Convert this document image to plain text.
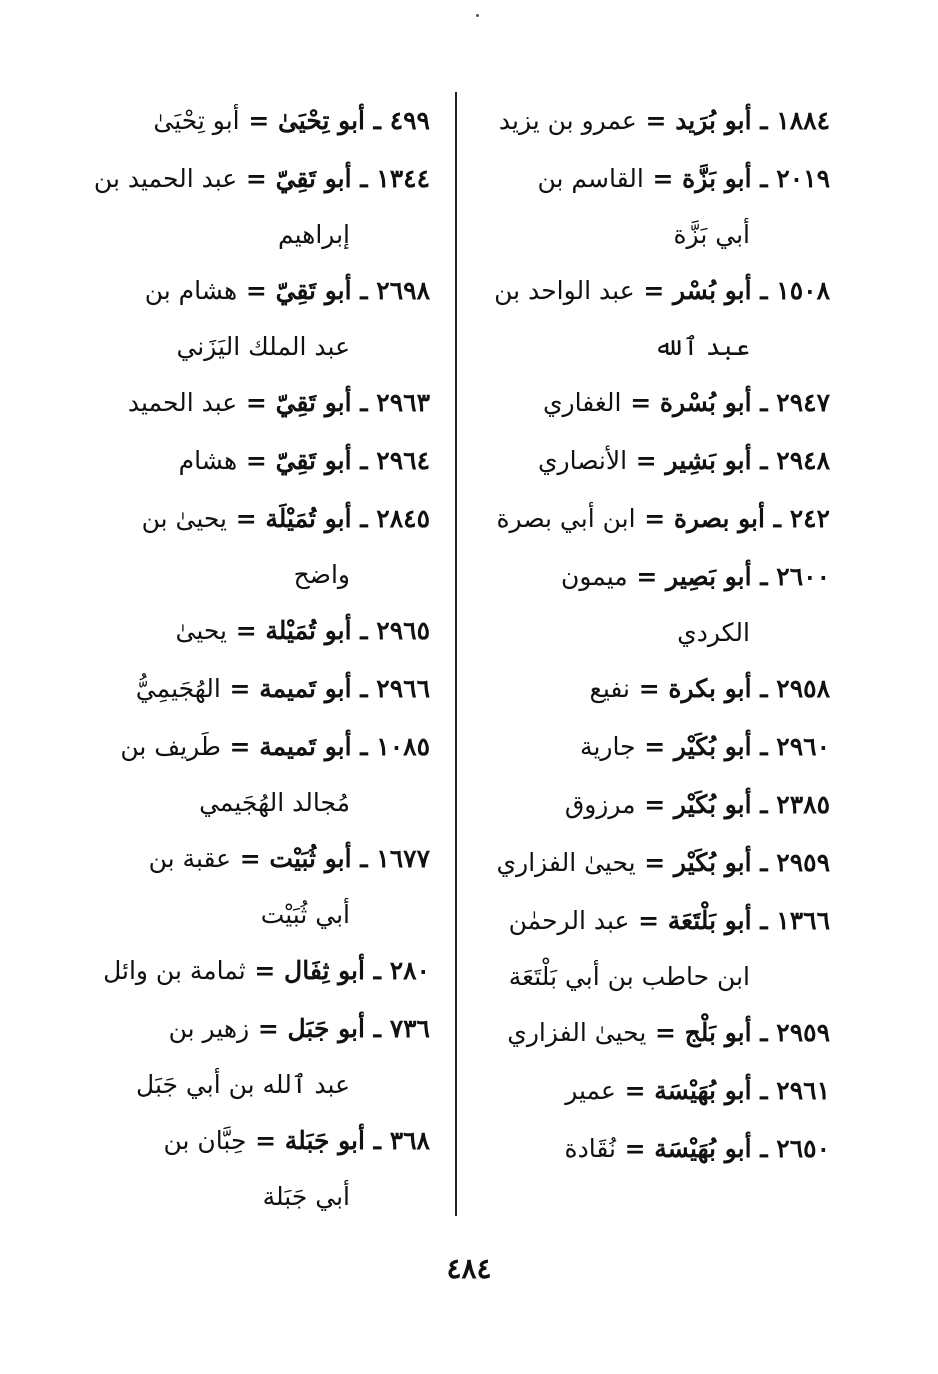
١٨٨٤ ـ أبو بُرَيد = عمرو بن يزيد
٢٠١٩ ـ أبو بَزَّة = القاسم بن
أبي بَزَّة
١٥٠٨ ـ أبو بُسْر = عبد الواحد بن
عبد ٱلله
٢٩٤٧ ـ أبو بُسْرة = الغفاري
٢٩٤٨ ـ أبو بَشِير = الأنصاري
٢٤٢ ـ أبو بصرة = ابن أبي بصرة
٢٦٠٠ ـ أبو بَصِير = ميمون
الكردي
٢٩٥٨ ـ أبو بكرة = نفيع
٢٩٦٠ ـ أبو بُكَيْر = جارية
٢٣٨٥ ـ أبو بُكَيْر = مرزوق
٢٩٥٩ ـ أبو بُكَيْر = يحيىٰ الفزاري
١٣٦٦ ـ أبو بَلْتَعَة = عبد الرحمٰن
ابن حاطب بن أبي بَلْتَعَة
٢٩٥٩ ـ أبو بَلْج = يحيىٰ الفزاري
٢٩٦١ ـ أبو بُهَيْسَة = عمير
٢٦٥٠ ـ أبو بُهَيْسَة = نُقَادة
٤٩٩ ـ أبو تِحْيَىٰ = أبو تِحْيَىٰ
١٣٤٤ ـ أبو تَقِيّ = عبد الحميد بن
إبراهيم
٢٦٩٨ ـ أبو تَقِيّ = هشام بن
عبد الملك اليَزَني
٢٩٦٣ ـ أبو تَقِيّ = عبد الحميد
٢٩٦٤ ـ أبو تَقِيّ = هشام
٢٨٤٥ ـ أبو تُمَيْلَة = يحيىٰ بن
واضح
٢٩٦٥ ـ أبو تُمَيْلة = يحيىٰ
٢٩٦٦ ـ أبو تَميمة = الهُجَيمِيُّ
١٠٨٥ ـ أبو تَميمة = طَريف بن
مُجالد الهُجَيمي
١٦٧٧ ـ أبو ثُبَيْت = عقبة بن
أبي ثُبَيْت
٢٨٠ ـ أبو ثِفَال = ثمامة بن وائل
٧٣٦ ـ أبو جَبَل = زهير بن
عبد ٱلله بن أبي جَبَل
٣٦٨ ـ أبو جَبَلة = حِبَّان بن
أبي جَبَلة
٤٨٤
